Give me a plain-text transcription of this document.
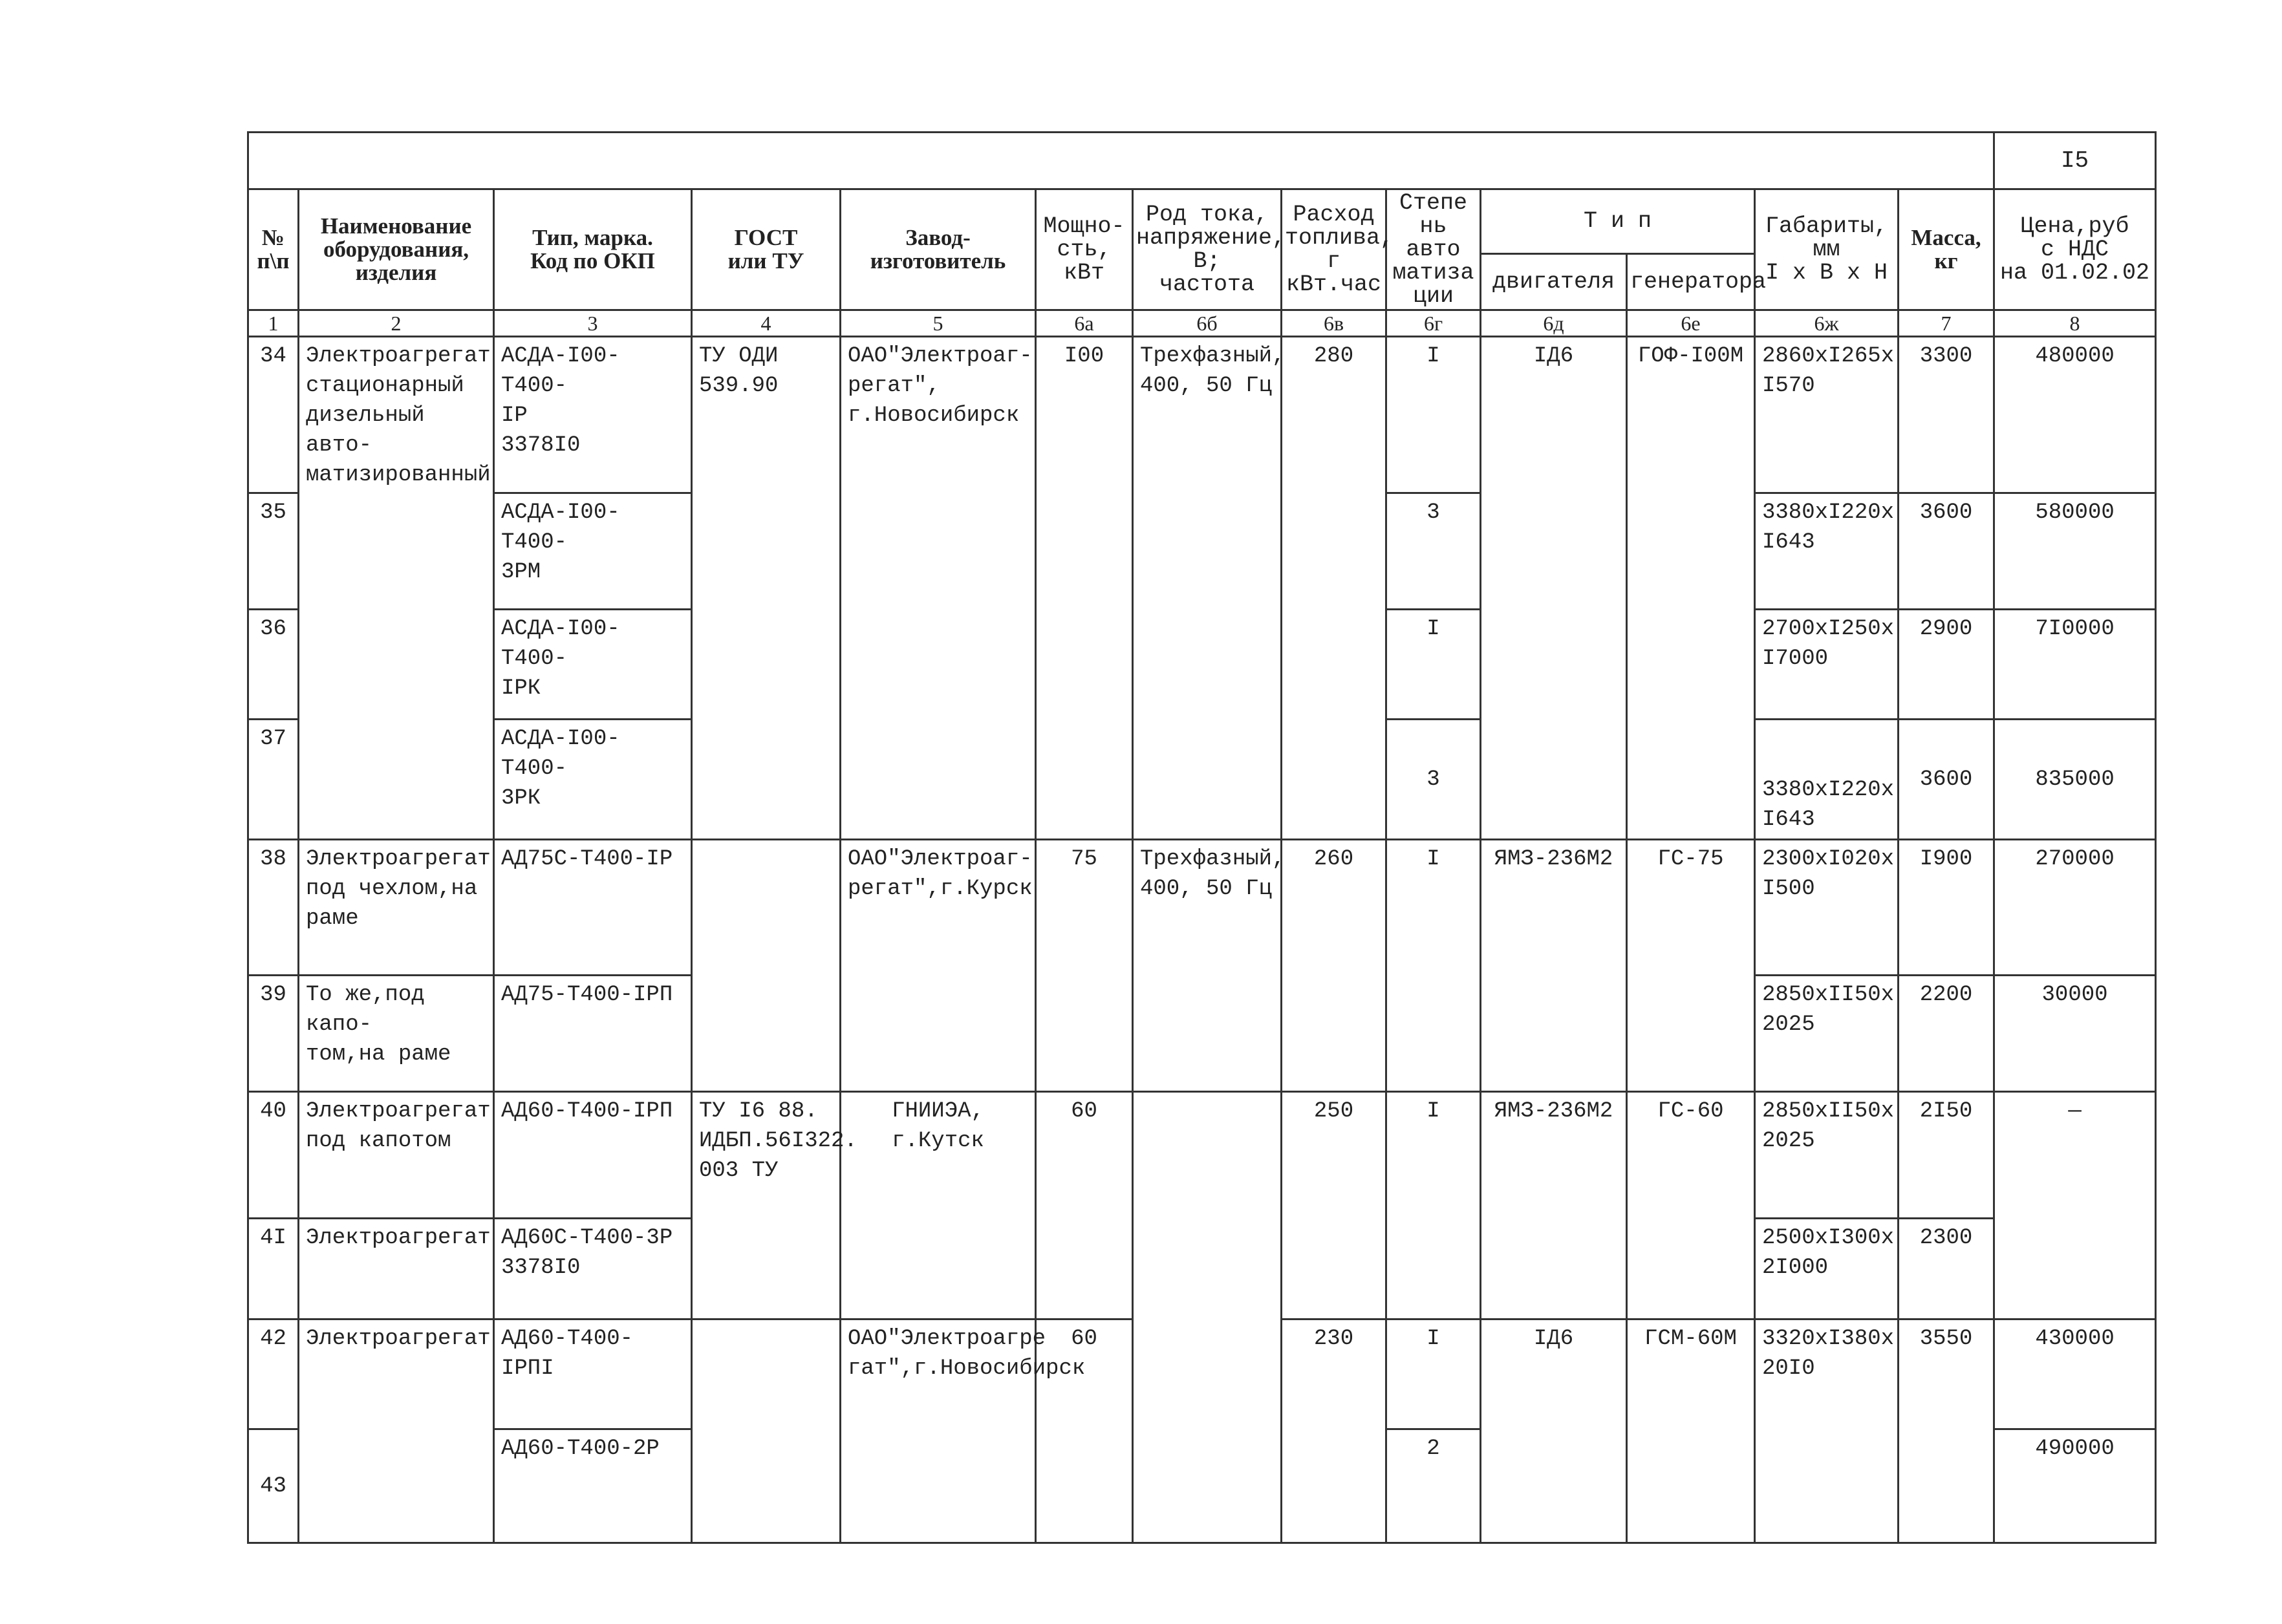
													I5
№
п\п	Наименование
оборудования,
изделия	Тип, марка.
Код по ОКП	ГОСТ
или ТУ	Завод-
изготовитель	Мощно-
сть,
кВт	Род тока,
напряжение,
В;
частота	Расход
топлива,
г
кВт.час	Степе
нь авто
матиза
ции	Т и п		Габариты,
мм
I х В х Н	Масса,
кг	Цена,руб
с НДС
на 01.02.02
									двигателя	генератора			
1	2	3	4	5	6а	6б	6в	6г	6д	6е	6ж	7	8
34	Электроагрегат
стационарный
дизельный авто-
матизированный	АСДА-I00-Т400-
IР
3378I0	ТУ ОДИ
539.90	ОАО"Электроаг-
регат",
г.Новосибирск	I00	Трехфазный,
400, 50 Гц	280	I	IД6	ГОФ-I00М	2860хI265х
I570	3300	480000
35		АСДА-I00-Т400-
3РМ						3			3380хI220х
I643	3600	580000
36		АСДА-I00-Т400-
IРК						I			2700хI250х
I7000	2900	7I0000
37		АСДА-I00-Т400-
3РК						3			3380хI220х
I643	3600	835000
38	Электроагрегат
под чехлом,на
раме	АД75С-Т400-IР		ОАО"Электроаг-
регат",г.Курск	75	Трехфазный,
400, 50 Гц	260	I	ЯМЗ-236М2	ГС-75	2300хI020х
I500	I900	270000
39	То же,под капо-
том,на раме	АД75-Т400-IРП									2850хII50х
2025	2200	30000
40	Электроагрегат
под капотом	АД60-Т400-IРП	ТУ I6 88.
ИДБП.56I322.
003 ТУ	ГНИИЭА,
г.Кутск	60		250	I	ЯМЗ-236М2	ГС-60	2850хII50х
2025	2I50	—
4I	Электроагрегат	АД60С-Т400-3Р
3378I0									2500хI300х
2I000	2300	
42	Электроагрегат	АД60-Т400-
IРПI		ОАО"Электроагре
гат",г.Новосибирск	60		230	I	IД6	ГСМ-60М	3320хI380х
20I0	3550	430000
43		АД60-Т400-2Р						2					490000
